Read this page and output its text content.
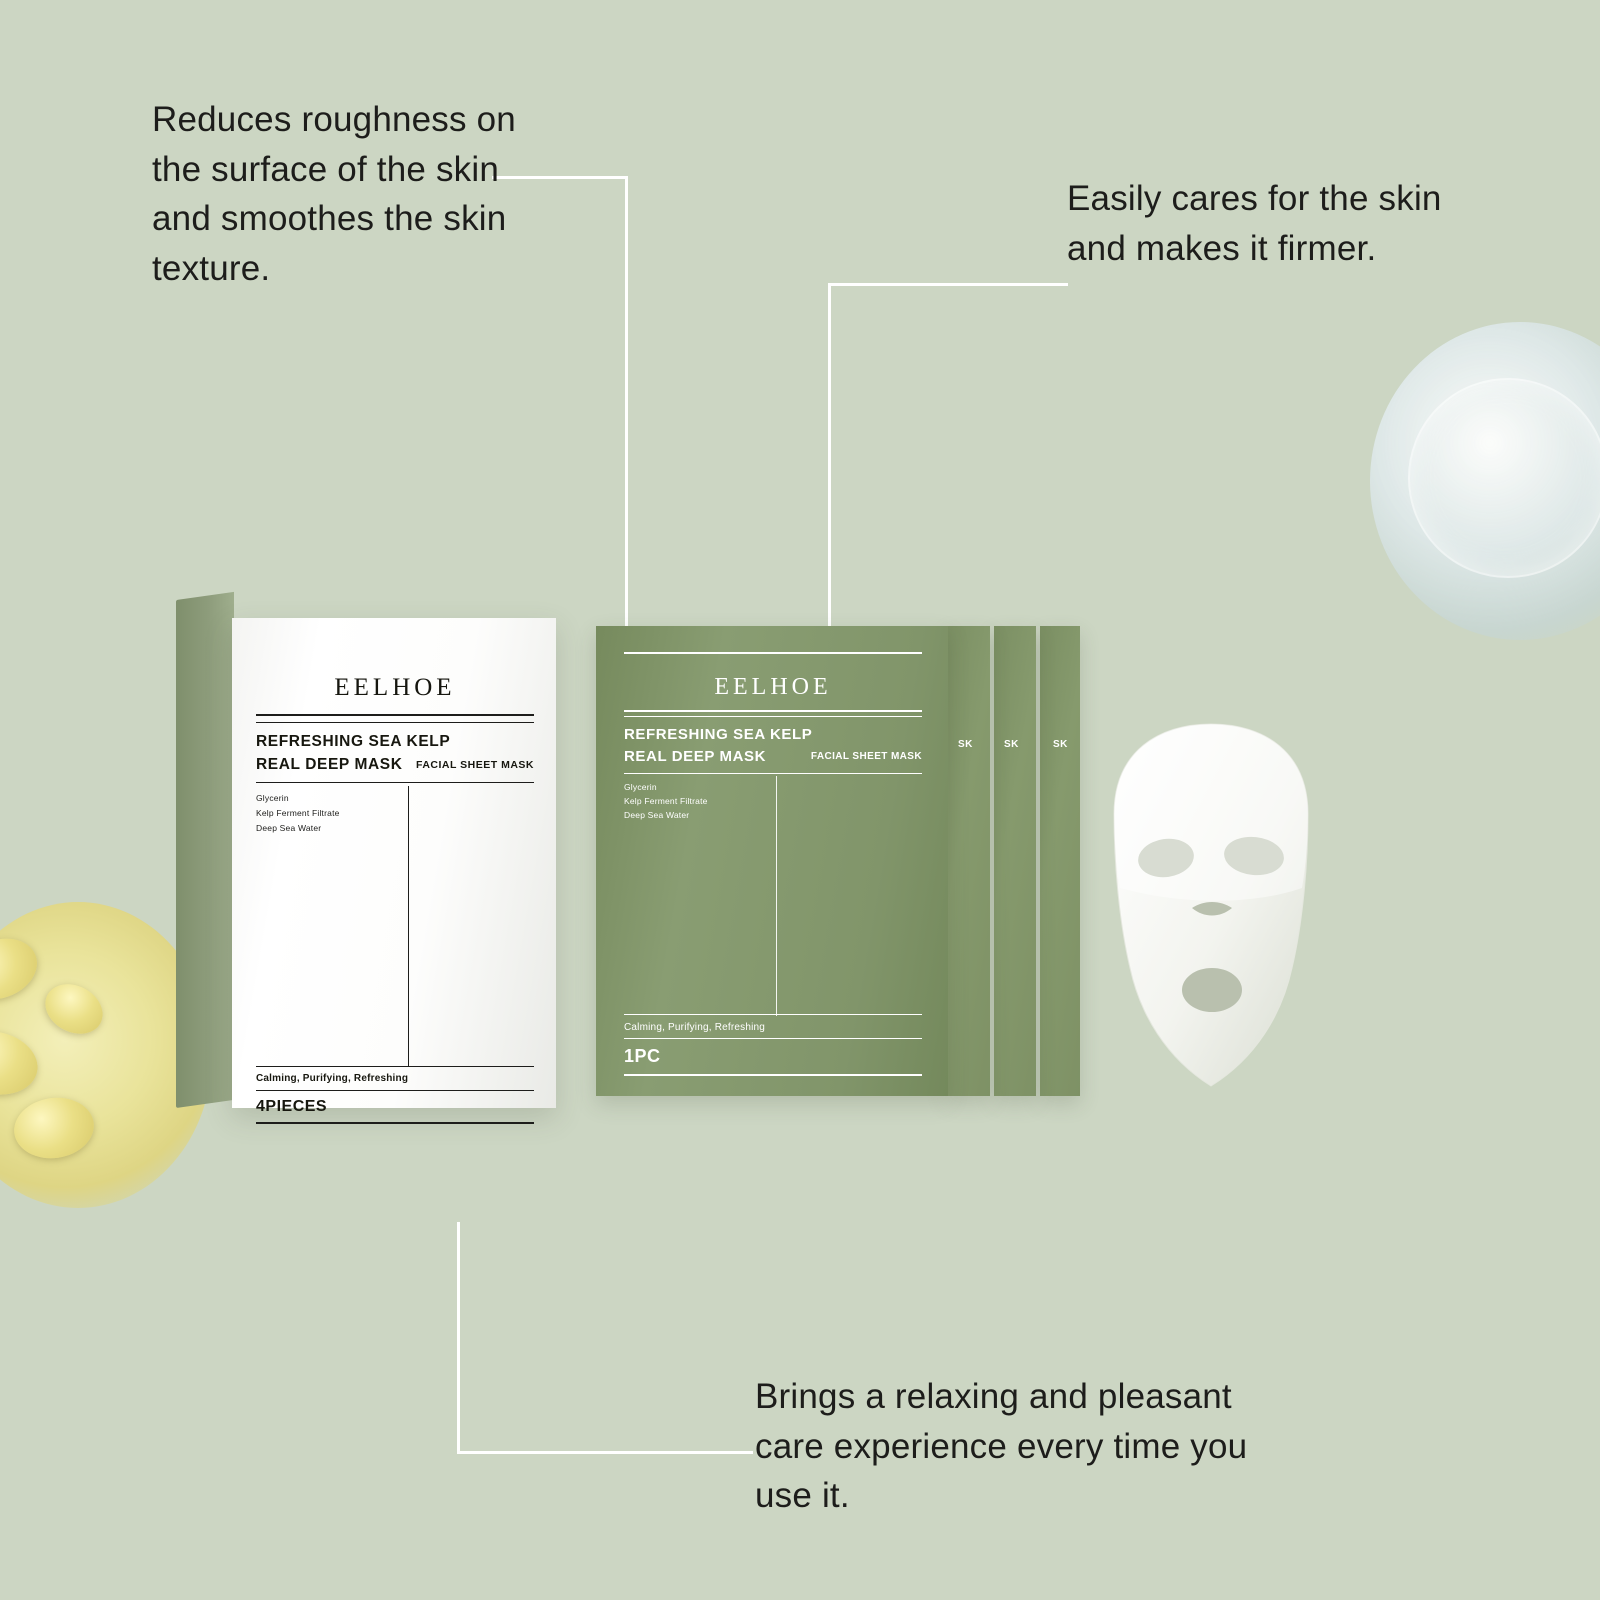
Reduces roughness on the surface of the skin and smoothes the skin texture.
Easily cares for the skin and makes it firmer.
Brings a relaxing and pleasant care experience every time you use it.
EELHOE
REFRESHING SEA KELP
REAL DEEP MASK FACIAL SHEET MASK
Glycerin
Kelp Ferment Filtrate
Deep Sea Water
Calming, Purifying, Refreshing
4PIECES
SK
SK
SK
EELHOE
REFRESHING SEA KELP
REAL DEEP MASK	FACIAL SHEET MASK
Glycerin
Kelp Ferment Filtrate
Deep Sea Water
Calming, Purifying, Refreshing
1PC
